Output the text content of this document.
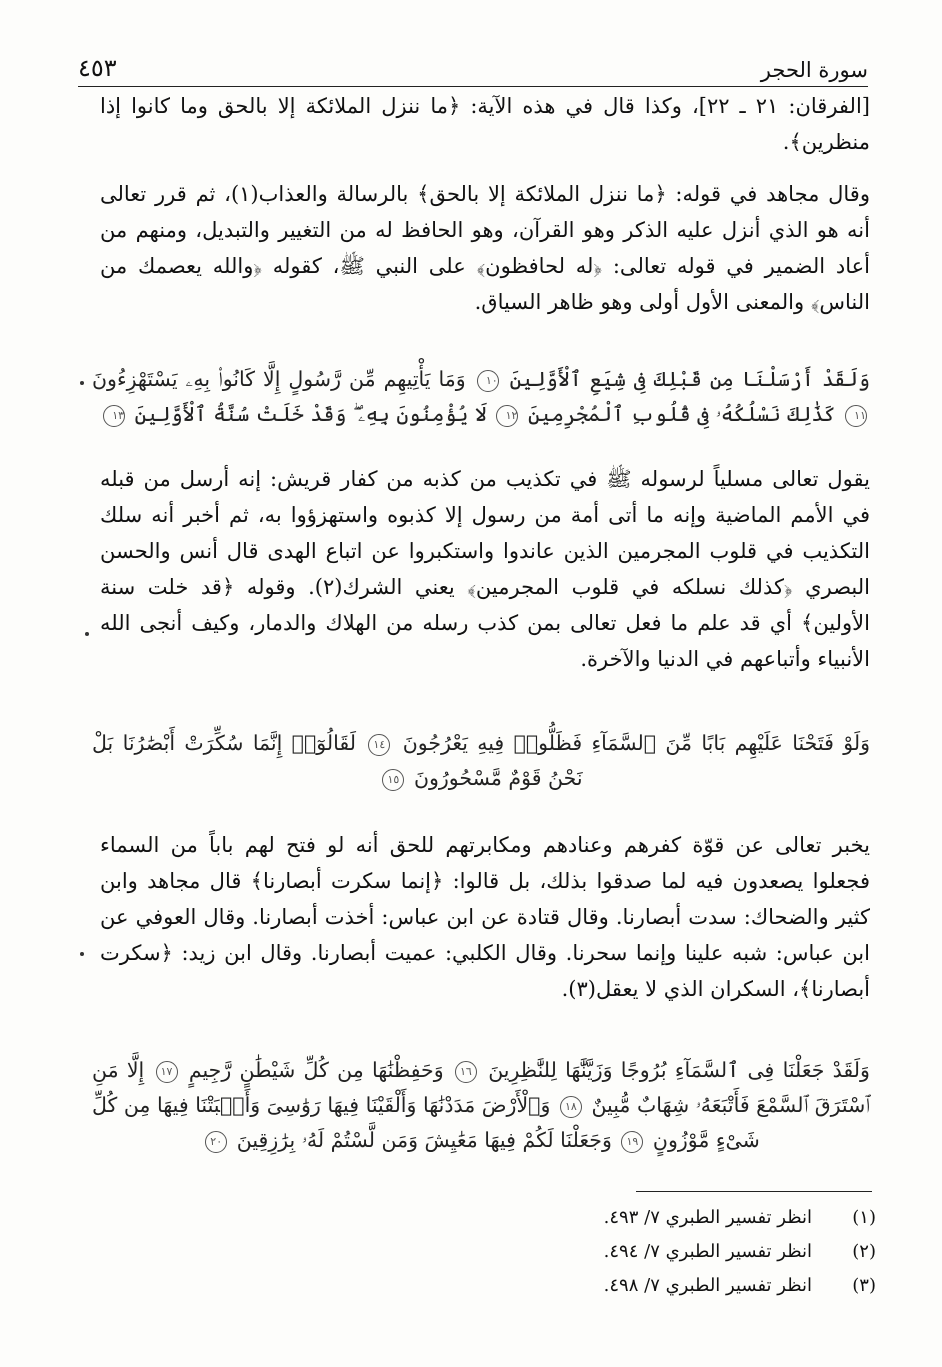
٤٥٣	سورة الحجر
[الفرقان: ٢١ ـ ٢٢]، وكذا قال في هذه الآية: ﴿ما ننزل الملائكة إلا بالحق وما كانوا إذا منظرين﴾.
وقال مجاهد في قوله: ﴿ما ننزل الملائكة إلا بالحق﴾ بالرسالة والعذاب(١)، ثم قرر تعالى أنه هو الذي أنزل عليه الذكر وهو القرآن، وهو الحافظ له من التغيير والتبديل، ومنهم من أعاد الضمير في قوله تعالى: ﴿له لحافظون﴾ على النبي ﷺ، كقوله ﴿والله يعصمك من الناس﴾ والمعنى الأول أولى وهو ظاهر السياق.
وَلَقَدْ أَرْسَلْنَا مِن قَبْلِكَ فِى شِيَعِ ٱلْأَوَّلِينَ ١٠ وَمَا يَأْتِيهِم مِّن رَّسُولٍ إِلَّا كَانُوا۟ بِهِۦ يَسْتَهْزِءُونَ ١١ كَذَٰلِكَ نَسْلُكُهُۥ فِى قُلُوبِ ٱلْمُجْرِمِينَ ١٢ لَا يُؤْمِنُونَ بِهِۦ ۖ وَقَدْ خَلَتْ سُنَّةُ ٱلْأَوَّلِينَ ١٣
يقول تعالى مسلياً لرسوله ﷺ في تكذيب من كذبه من كفار قريش: إنه أرسل من قبله في الأمم الماضية وإنه ما أتى أمة من رسول إلا كذبوه واستهزؤوا به، ثم أخبر أنه سلك التكذيب في قلوب المجرمين الذين عاندوا واستكبروا عن اتباع الهدى قال أنس والحسن البصري ﴿كذلك نسلكه في قلوب المجرمين﴾ يعني الشرك(٢). وقوله ﴿قد خلت سنة الأولين﴾ أي قد علم ما فعل تعالى بمن كذب رسله من الهلاك والدمار، وكيف أنجى الله الأنبياء وأتباعهم في الدنيا والآخرة.
وَلَوْ فَتَحْنَا عَلَيْهِم بَابًا مِّنَ ٱلسَّمَآءِ فَظَلُّوا۟ فِيهِ يَعْرُجُونَ ١٤ لَقَالُوٓا۟ إِنَّمَا سُكِّرَتْ أَبْصَٰرُنَا بَلْ نَحْنُ قَوْمٌ مَّسْحُورُونَ ١٥
يخبر تعالى عن قوّة كفرهم وعنادهم ومكابرتهم للحق أنه لو فتح لهم باباً من السماء فجعلوا يصعدون فيه لما صدقوا بذلك، بل قالوا: ﴿إنما سكرت أبصارنا﴾ قال مجاهد وابن كثير والضحاك: سدت أبصارنا. وقال قتادة عن ابن عباس: أخذت أبصارنا. وقال العوفي عن ابن عباس: شبه علينا وإنما سحرنا. وقال الكلبي: عميت أبصارنا. وقال ابن زيد: ﴿سكرت أبصارنا﴾، السكران الذي لا يعقل(٣).
وَلَقَدْ جَعَلْنَا فِى ٱلسَّمَآءِ بُرُوجًا وَزَيَّنَّٰهَا لِلنَّٰظِرِينَ ١٦ وَحَفِظْنَٰهَا مِن كُلِّ شَيْطَٰنٍ رَّجِيمٍ ١٧ إِلَّا مَنِ ٱسْتَرَقَ ٱلسَّمْعَ فَأَتْبَعَهُۥ شِهَابٌ مُّبِينٌ ١٨ وَٱلْأَرْضَ مَدَدْنَٰهَا وَأَلْقَيْنَا فِيهَا رَوَٰسِىَ وَأَنۢبَتْنَا فِيهَا مِن كُلِّ شَىْءٍ مَّوْزُونٍ ١٩ وَجَعَلْنَا لَكُمْ فِيهَا مَعَٰيِشَ وَمَن لَّسْتُمْ لَهُۥ بِرَٰزِقِينَ ٢٠
(١)
انظر تفسير الطبري ٧/ ٤٩٣.
(٢)
انظر تفسير الطبري ٧/ ٤٩٤.
(٣)
انظر تفسير الطبري ٧/ ٤٩٨.
